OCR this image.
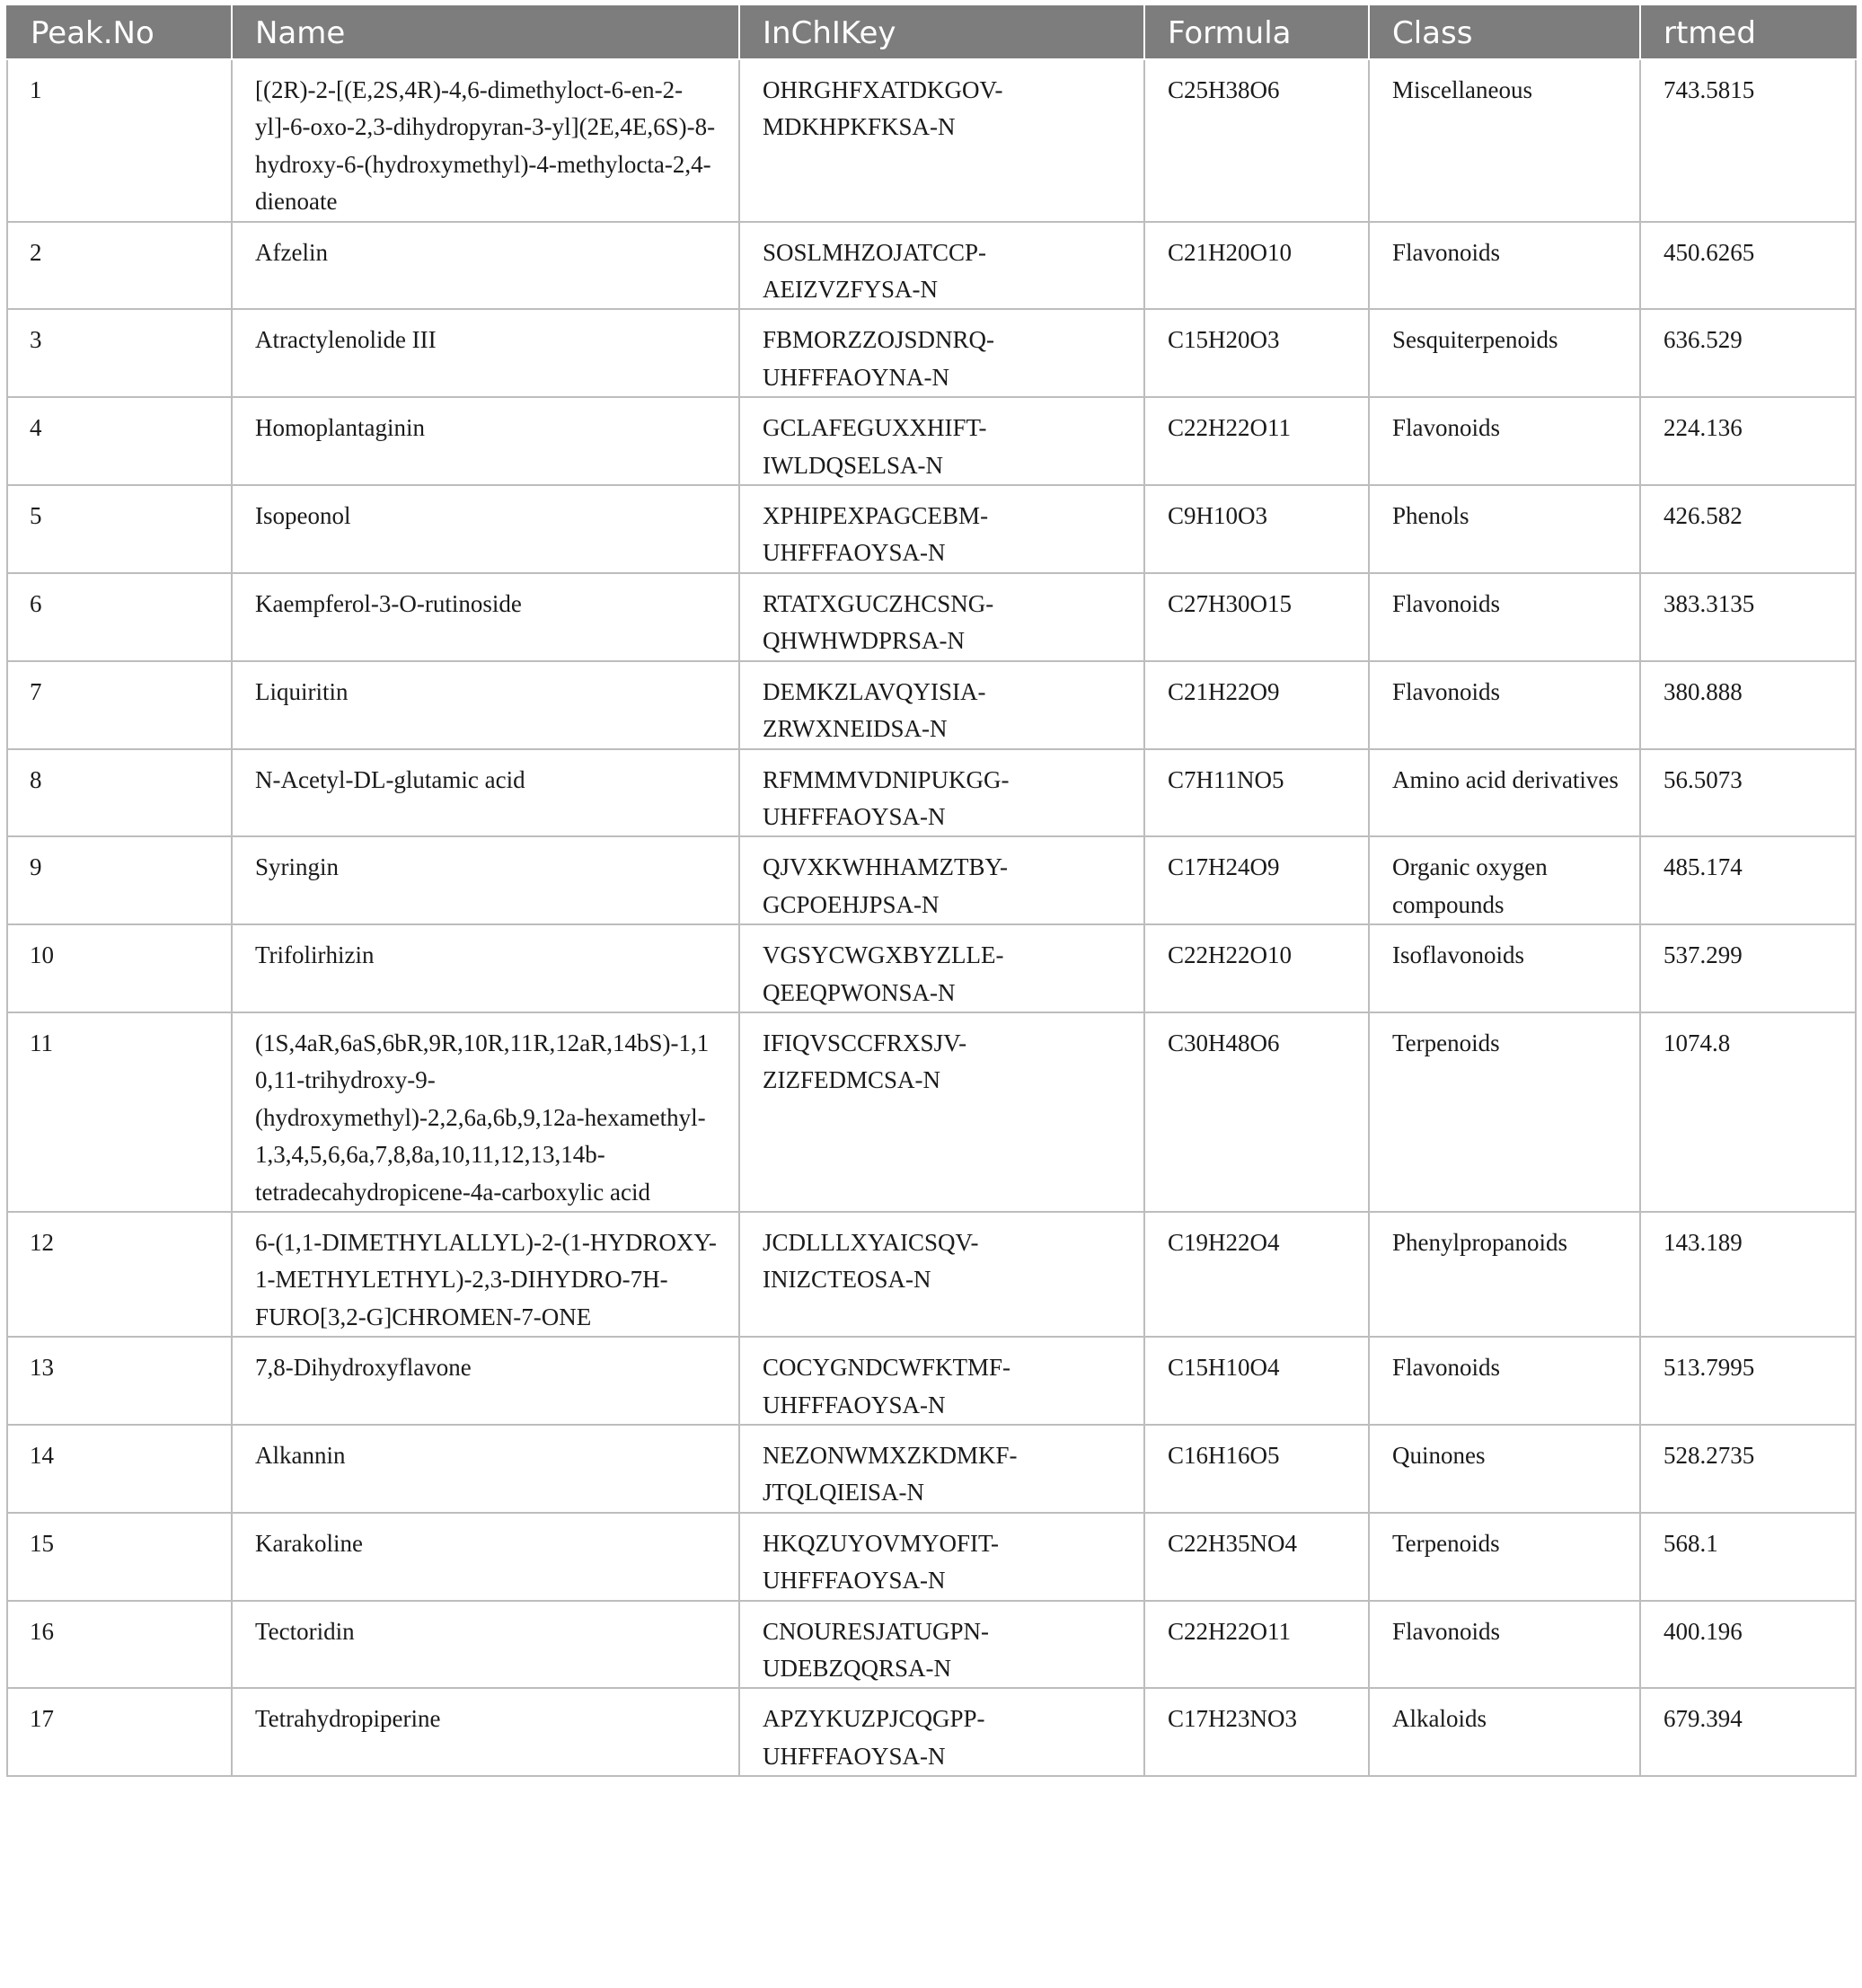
Peak.No	Name	InChIKey	Formula	Class	rtmed
1	[(2R)-2-[(E,2S,4R)-4,6-dimethyloct-6-en-2-yl]-6-oxo-2,3-dihydropyran-3-yl](2E,4E,6S)-8-hydroxy-6-(hydroxymethyl)-4-methylocta-2,4-dienoate	OHRGHFXATDKGOV-MDKHPKFKSA-N	C25H38O6	Miscellaneous	743.5815
2	Afzelin	SOSLMHZOJATCCP-AEIZVZFYSA-N	C21H20O10	Flavonoids	450.6265
3	Atractylenolide III	FBMORZZOJSDNRQ-UHFFFAOYNA-N	C15H20O3	Sesquiterpenoids	636.529
4	Homoplantaginin	GCLAFEGUXXHIFT-IWLDQSELSA-N	C22H22O11	Flavonoids	224.136
5	Isopeonol	XPHIPEXPAGCEBM-UHFFFAOYSA-N	C9H10O3	Phenols	426.582
6	Kaempferol-3-O-rutinoside	RTATXGUCZHCSNG-QHWHWDPRSA-N	C27H30O15	Flavonoids	383.3135
7	Liquiritin	DEMKZLAVQYISIA-ZRWXNEIDSA-N	C21H22O9	Flavonoids	380.888
8	N-Acetyl-DL-glutamic acid	RFMMMVDNIPUKGG-UHFFFAOYSA-N	C7H11NO5	Amino acid derivatives	56.5073
9	Syringin	QJVXKWHHAMZTBY-GCPOEHJPSA-N	C17H24O9	Organic oxygen compounds	485.174
10	Trifolirhizin	VGSYCWGXBYZLLE-QEEQPWONSA-N	C22H22O10	Isoflavonoids	537.299
11	(1S,4aR,6aS,6bR,9R,10R,11R,12aR,14bS)-1,10,11-trihydroxy-9-(hydroxymethyl)-2,2,6a,6b,9,12a-hexamethyl-1,3,4,5,6,6a,7,8,8a,10,11,12,13,14b-tetradecahydropicene-4a-carboxylic acid	IFIQVSCCFRXSJV-ZIZFEDMCSA-N	C30H48O6	Terpenoids	1074.8
12	6-(1,1-DIMETHYLALLYL)-2-(1-HYDROXY-1-METHYLETHYL)-2,3-DIHYDRO-7H-FURO[3,2-G]CHROMEN-7-ONE	JCDLLLXYAICSQV-INIZCTEOSA-N	C19H22O4	Phenylpropanoids	143.189
13	7,8-Dihydroxyflavone	COCYGNDCWFKTMF-UHFFFAOYSA-N	C15H10O4	Flavonoids	513.7995
14	Alkannin	NEZONWMXZKDMKF-JTQLQIEISA-N	C16H16O5	Quinones	528.2735
15	Karakoline	HKQZUYOVMYOFIT-UHFFFAOYSA-N	C22H35NO4	Terpenoids	568.1
16	Tectoridin	CNOURESJATUGPN-UDEBZQQRSA-N	C22H22O11	Flavonoids	400.196
17	Tetrahydropiperine	APZYKUZPJCQGPP-UHFFFAOYSA-N	C17H23NO3	Alkaloids	679.394
